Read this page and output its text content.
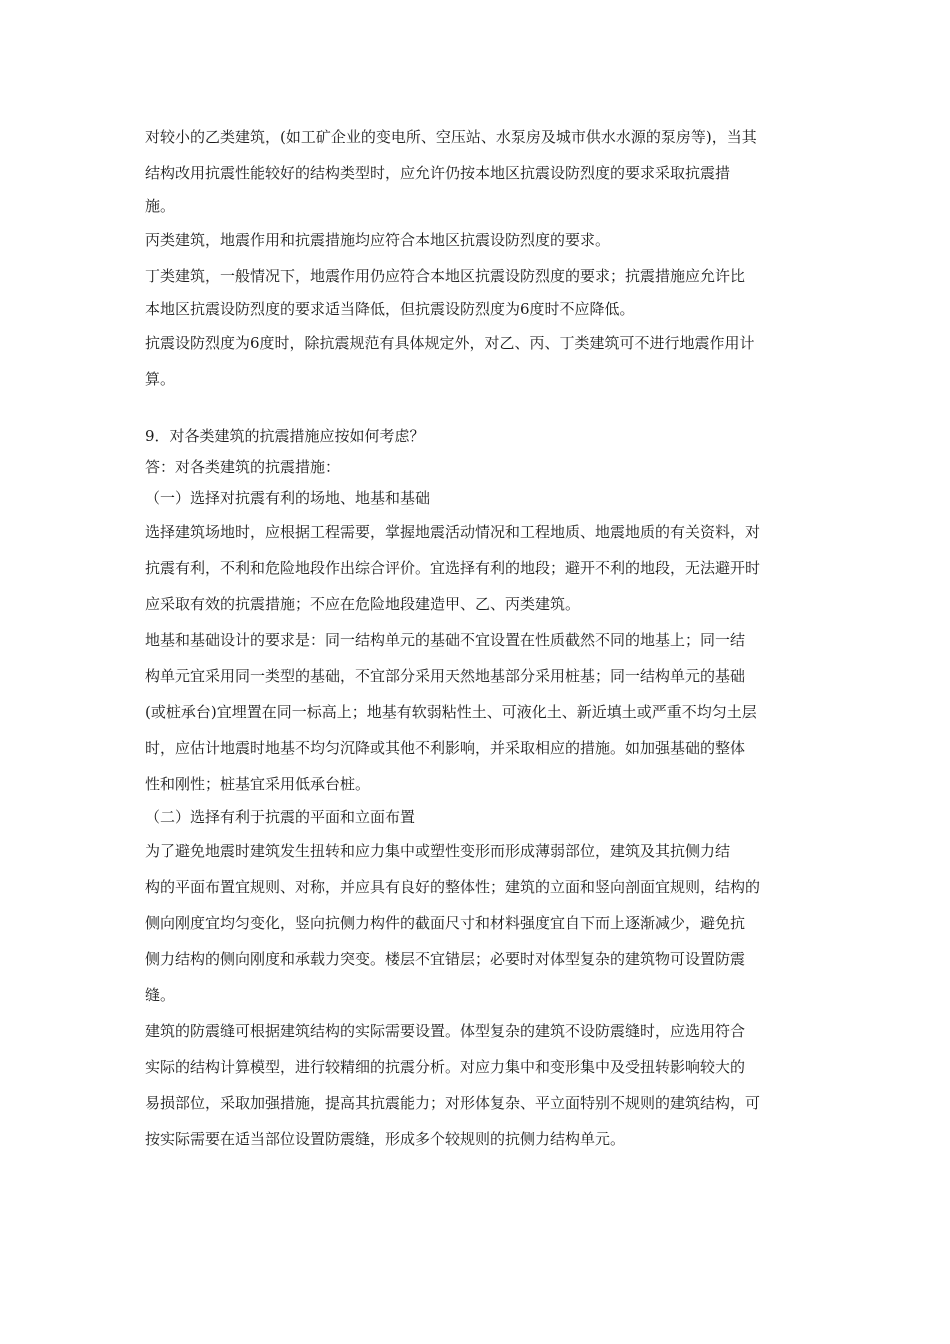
对较小的乙类建筑，(如工矿企业的变电所、空压站、水泵房及城市供水水源的泵房等)，当其
结构改用抗震性能较好的结构类型时，应允许仍按本地区抗震设防烈度的要求采取抗震措
施。
丙类建筑，地震作用和抗震措施均应符合本地区抗震设防烈度的要求。
丁类建筑，一般情况下，地震作用仍应符合本地区抗震设防烈度的要求；抗震措施应允许比
本地区抗震设防烈度的要求适当降低，但抗震设防烈度为6度时不应降低。
抗震设防烈度为6度时，除抗震规范有具体规定外，对乙、丙、丁类建筑可不进行地震作用计
算。
9．对各类建筑的抗震措施应按如何考虑？
答：对各类建筑的抗震措施：
（一）选择对抗震有利的场地、地基和基础
选择建筑场地时，应根据工程需要，掌握地震活动情况和工程地质、地震地质的有关资料，对
抗震有利，不利和危险地段作出综合评价。宜选择有利的地段；避开不利的地段，无法避开时
应采取有效的抗震措施；不应在危险地段建造甲、乙、丙类建筑。
地基和基础设计的要求是：同一结构单元的基础不宜设置在性质截然不同的地基上；同一结
构单元宜采用同一类型的基础，不宜部分采用天然地基部分采用桩基；同一结构单元的基础
(或桩承台)宜埋置在同一标高上；地基有软弱粘性土、可液化土、新近填土或严重不均匀土层
时，应估计地震时地基不均匀沉降或其他不利影响，并采取相应的措施。如加强基础的整体
性和刚性；桩基宜采用低承台桩。
（二）选择有利于抗震的平面和立面布置
为了避免地震时建筑发生扭转和应力集中或塑性变形而形成薄弱部位，建筑及其抗侧力结
构的平面布置宜规则、对称，并应具有良好的整体性；建筑的立面和竖向剖面宜规则，结构的
侧向刚度宜均匀变化，竖向抗侧力构件的截面尺寸和材料强度宜自下而上逐渐减少，避免抗
侧力结构的侧向刚度和承载力突变。楼层不宜错层；必要时对体型复杂的建筑物可设置防震
缝。
建筑的防震缝可根据建筑结构的实际需要设置。体型复杂的建筑不设防震缝时，应选用符合
实际的结构计算模型，进行较精细的抗震分析。对应力集中和变形集中及受扭转影响较大的
易损部位，采取加强措施，提高其抗震能力；对形体复杂、平立面特别不规则的建筑结构，可
按实际需要在适当部位设置防震缝，形成多个较规则的抗侧力结构单元。
